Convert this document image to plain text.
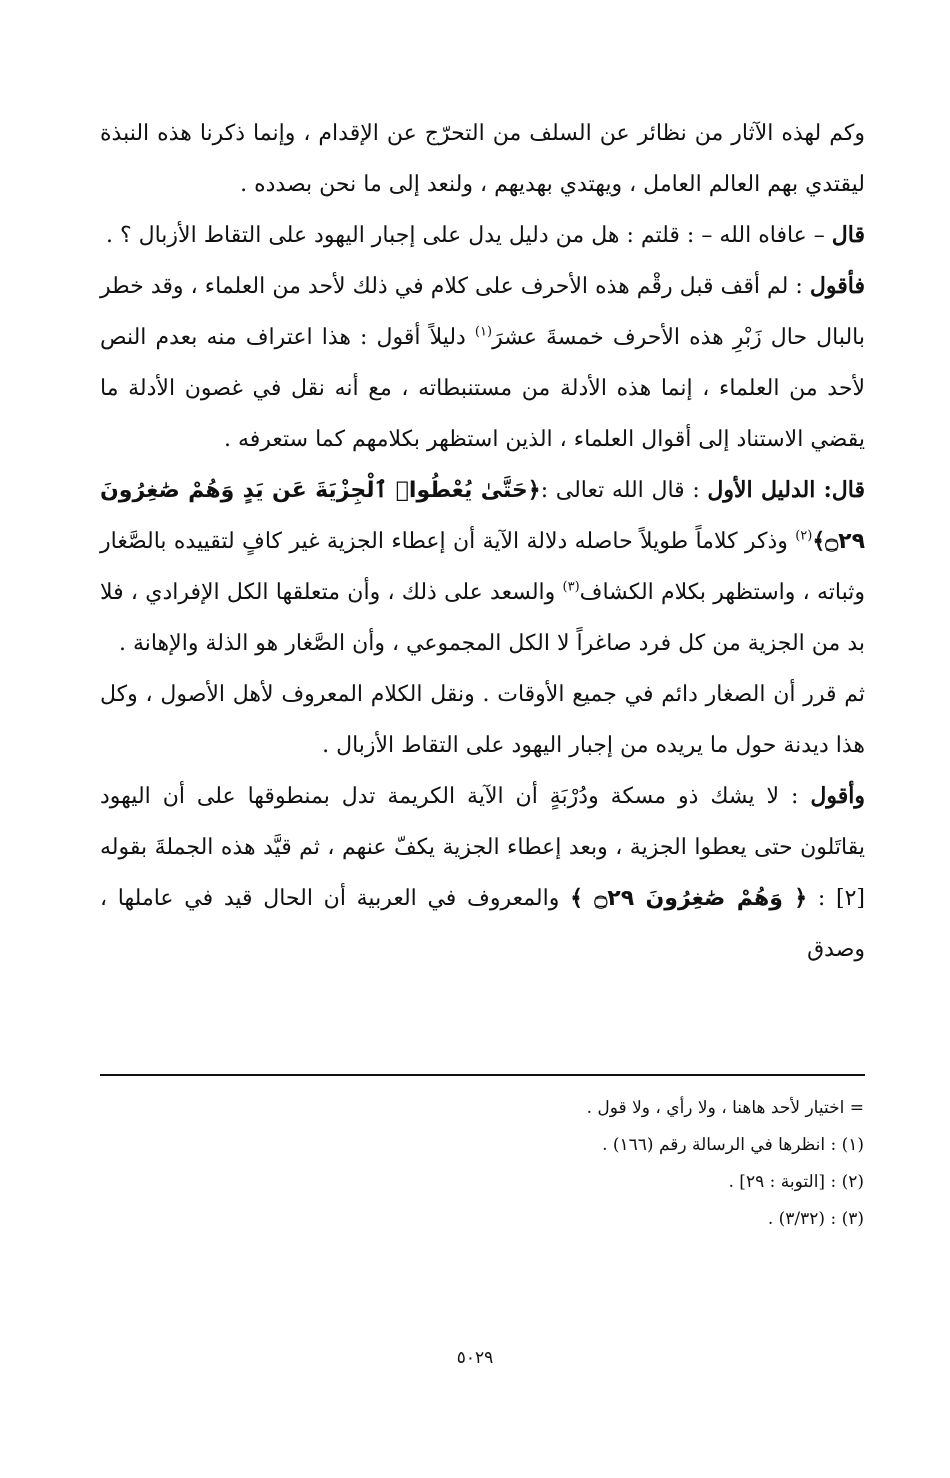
وكم لهذه الآثار من نظائر عن السلف من التحرّج عن الإقدام ، وإنما ذكرنا هذه النبذة ليقتدي بهم العالم العامل ، ويهتدي بهديهم ، ولنعد إلى ما نحن بصدده .

قال – عافاه الله – : قلتم : هل من دليل يدل على إجبار اليهود على التقاط الأزبال ؟ .

فأقول : لم أقف قبل رقْم هذه الأحرف على كلام في ذلك لأحد من العلماء ، وقد خطر بالبال حال زَبْرِ هذه الأحرف خمسةَ عشرَ$^{(١)}$ دليلاً أقول : هذا اعتراف منه بعدم النص لأحد من العلماء ، إنما هذه الأدلة من مستنبطاته ، مع أنه نقل في غصون الأدلة ما يقضي الاستناد إلى أقوال العلماء ، الذين استظهر بكلامهم كما ستعرفه .

قال: الدليل الأول : قال الله تعالى :﴿حَتَّىٰ يُعْطُوا۟ ٱلْجِزْيَةَ عَن يَدٍ وَهُمْ صَٰغِرُونَ ۝٢٩﴾$^{(٢)}$ وذكر كلاماً طويلاً حاصله دلالة الآية أن إعطاء الجزية غير كافٍ لتقييده بالصَّغار وثباته ، واستظهر بكلام الكشاف$^{(٣)}$ والسعد على ذلك ، وأن متعلقها الكل الإفرادي ، فلا بد من الجزية من كل فرد صاغراً لا الكل المجموعي ، وأن الصَّغار هو الذلة والإهانة .

ثم قرر أن الصغار دائم في جميع الأوقات . ونقل الكلام المعروف لأهل الأصول ، وكل هذا ديدنة حول ما يريده من إجبار اليهود على التقاط الأزبال .

وأقول : لا يشك ذو مسكة ودُرْبَةٍ أن الآية الكريمة تدل بمنطوقها على أن اليهود يقاتَلون حتى يعطوا الجزية ، وبعد إعطاء الجزية يكفّ عنهم ، ثم قيَّد هذه الجملةَ بقوله [٢] : ﴿ وَهُمْ صَٰغِرُونَ ۝٢٩ ﴾ والمعروف في العربية أن الحال قيد في عاملها ، وصدق

= اختيار لأحد هاهنا ، ولا رأي ، ولا قول .
(١) : انظرها في الرسالة رقم (١٦٦) .
(٢) : [التوبة : ٢٩] .
(٣) : (٣/٣٢) .
٥٠٢٩
